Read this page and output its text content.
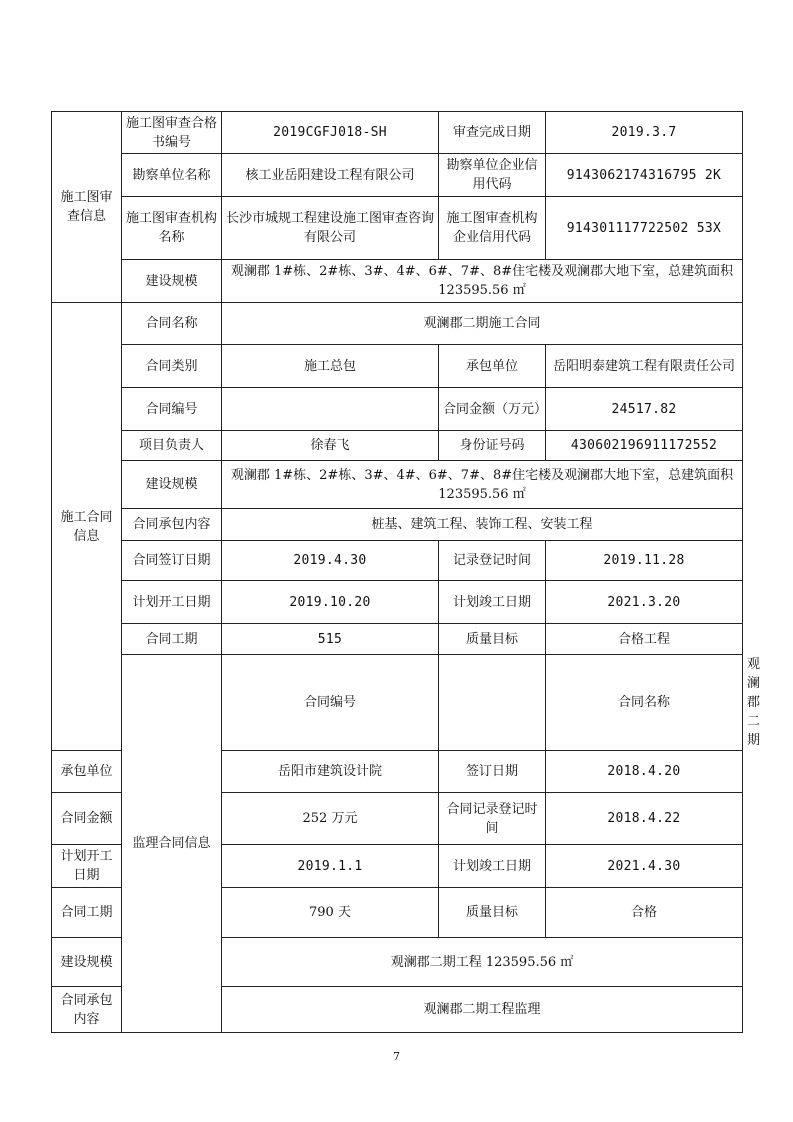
施工图审查信息	施工图审查合格书编号	2019CGFJ018-SH	审查完成日期	2019.3.7	
	勘察单位名称	核工业岳阳建设工程有限公司	勘察单位企业信用代码	9143062174316795 2K	
	施工图审查机构名称	长沙市城规工程建设施工图审查咨询有限公司	施工图审查机构企业信用代码	914301117722502 53X	
	建设规模	观澜郡 1#栋、2#栋、3#、4#、6#、7#、8#住宅楼及观澜郡大地下室，总建筑面积 123595.56 ㎡			
施工合同信息	合同名称	观澜郡二期施工合同			
	合同类别	施工总包	承包单位	岳阳明泰建筑工程有限责任公司	
	合同编号		合同金额（万元）	24517.82	
	项目负责人	徐春飞	身份证号码	430602196911172552	
	建设规模	观澜郡 1#栋、2#栋、3#、4#、6#、7#、8#住宅楼及观澜郡大地下室，总建筑面积 123595.56 ㎡			
	合同承包内容	桩基、建筑工程、装饰工程、安装工程			
	合同签订日期	2019.4.30	记录登记时间	2019.11.28	
	计划开工日期	2019.10.20	计划竣工日期	2021.3.20	
	合同工期	515	质量目标	合格工程	
	监理合同信息	合同编号		合同名称	观澜郡二期
承包单位		岳阳市建筑设计院	签订日期	2018.4.20	
合同金额		252 万元	合同记录登记时间	2018.4.22	
计划开工日期		2019.1.1	计划竣工日期	2021.4.30	
合同工期		790 天	质量目标	合格	
建设规模		观澜郡二期工程 123595.56 ㎡			
合同承包内容		观澜郡二期工程监理			
7
